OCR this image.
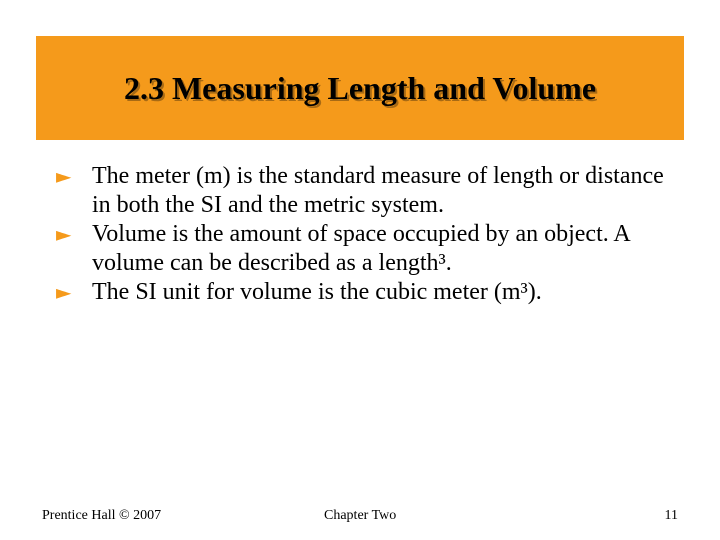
2.3 Measuring Length and Volume
► The meter (m) is the standard measure of length or distance in both the SI and the metric system.
► Volume is the amount of space occupied by an object. A volume can be described as a length³.
► The SI unit for volume is the cubic meter (m³).
Prentice Hall © 2007	Chapter Two	11
